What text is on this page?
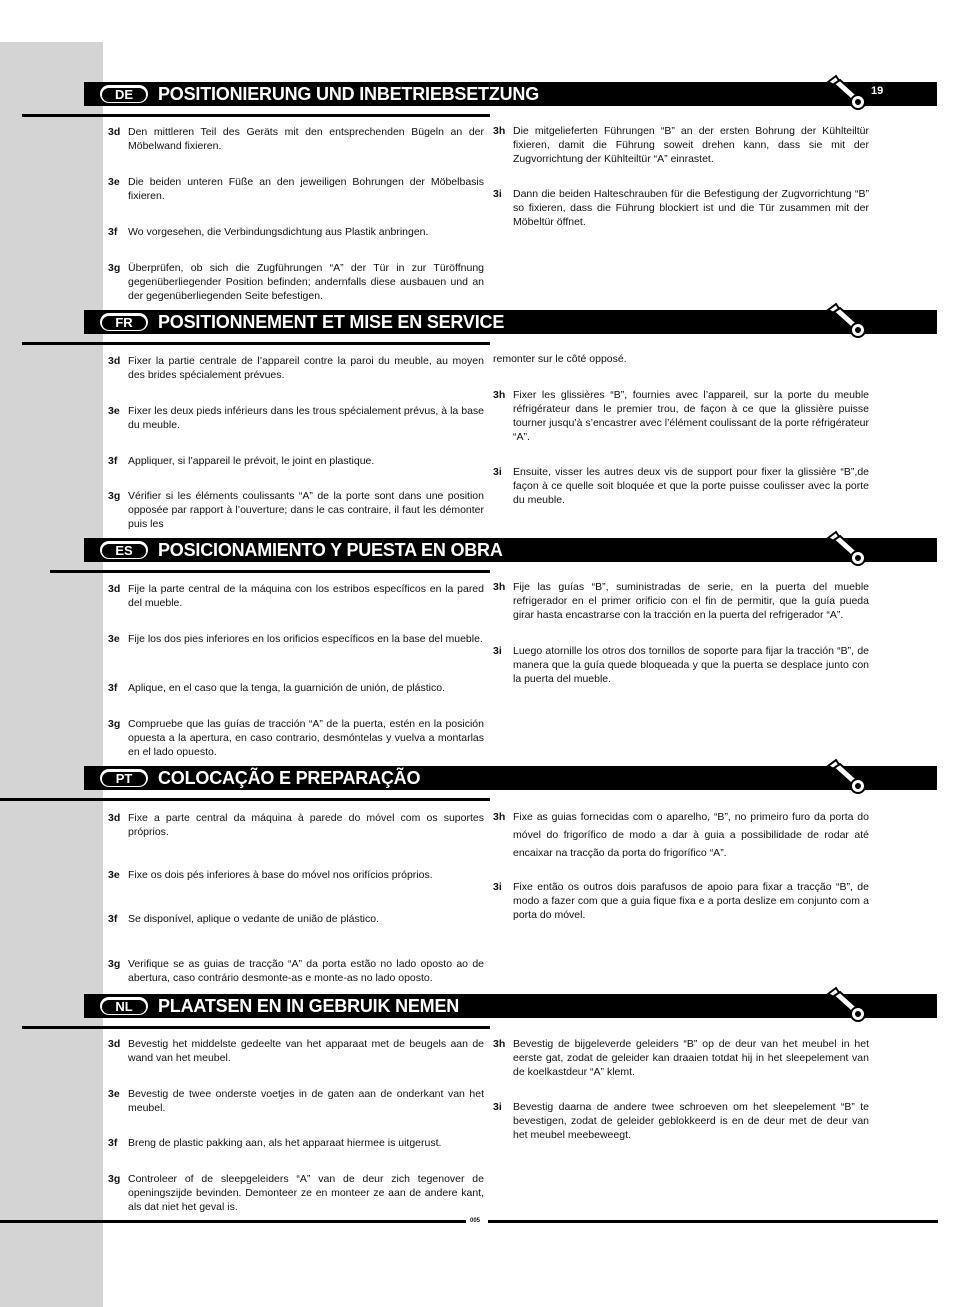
DE	POSITIONIERUNG UND INBETRIEBSETZUNG	19
3d Den mittleren Teil des Geräts mit den entsprechenden Bügeln an der Möbelwand fixieren.
3e Die beiden unteren Füße an den jeweiligen Bohrungen der Möbelbasis fixieren.
3f	Wo vorgesehen, die Verbindungsdichtung aus Plastik anbringen.
3g Überprüfen, ob sich die Zugführungen “A” der Tür in zur Türöffnung gegenüberliegender Position befinden; andernfalls diese ausbauen und an der gegenüberliegenden Seite befestigen.
3h Die mitgelieferten Führungen “B” an der ersten Bohrung der Kühlteiltür fixieren, damit die Führung soweit drehen kann, dass sie mit der Zugvorrichtung der Kühlteiltür “A” einrastet.
3i	Dann die beiden Halteschrauben für die Befestigung der Zugvorrichtung “B” so fixieren, dass die Führung blockiert ist und die Tür zusammen mit der Möbeltür öffnet.
FR	POSITIONNEMENT ET MISE EN SERVICE
3d Fixer la partie centrale de l’appareil contre la paroi du meuble, au moyen des brides spécialement prévues.
3e Fixer les deux pieds inférieurs dans les trous spécialement prévus, à la base du meuble.
3f	Appliquer, si l’appareil le prévoit, le joint en plastique.
3g Vérifier si les éléments coulissants “A” de la porte sont dans une position opposée par rapport à l’ouverture; dans le cas contraire, il faut les démonter puis les
remonter sur le côté opposé.
3h Fixer les glissières “B”, fournies avec l’appareil, sur la porte du meuble réfrigérateur dans le premier trou, de façon à ce que la glissière puisse tourner jusqu’à s’encastrer avec l’élément coulissant de la porte réfrigérateur “A”.
3i	Ensuite, visser les autres deux vis de support pour fixer la glissière “B”,de façon à ce quelle soit bloquée et que la porte puisse coulisser avec la porte du meuble.
ES	POSICIONAMIENTO Y PUESTA EN OBRA
3d Fije la parte central de la máquina con los estribos específicos en la pared del mueble.
3e Fije los dos pies inferiores en los orificios específicos en la base del mueble.
3f	Aplique, en el caso que la tenga, la guarnición de unión, de plástico.
3g Compruebe que las guías de tracción “A” de la puerta, estén en la posición opuesta a la apertura, en caso contrario, desmóntelas y vuelva a montarlas en el lado opuesto.
3h Fije las guías “B”, suministradas de serie, en la puerta del mueble refrigerador en el primer orificio con el fin de permitir, que la guía pueda girar hasta encastrarse con la tracción en la puerta del refrigerador “A”.
3i	Luego atornille los otros dos tornillos de soporte para fijar la tracción “B”, de manera que la guía quede bloqueada y que la puerta se desplace junto con la puerta del mueble.
PT	COLOCAÇÃO E PREPARAÇÃO
3d Fixe a parte central da máquina à parede do móvel com os suportes próprios.
3e Fixe os dois pés inferiores à base do móvel nos orifícios próprios.
3f	Se disponível, aplique o vedante de união de plástico.
3g Verifique se as guias de tracção “A” da porta estão no lado oposto ao de abertura, caso contrário desmonte-as e monte-as no lado oposto.
3h Fixe as guias fornecidas com o aparelho, “B”, no primeiro furo da porta do móvel do frigorífico de modo a dar à guia a possibilidade de rodar até encaixar na tracção da porta do frigorífico “A”.
3i	Fixe então os outros dois parafusos de apoio para fixar a tracção “B”, de modo a fazer com que a guia fique fixa e a porta deslize em conjunto com a porta do móvel.
NL	PLAATSEN EN IN GEBRUIK NEMEN
3d Bevestig het middelste gedeelte van het apparaat met de beugels aan de wand van het meubel.
3e Bevestig de twee onderste voetjes in de gaten aan de onderkant van het meubel.
3f	Breng de plastic pakking aan, als het apparaat hiermee is uitgerust.
3g Controleer of de sleepgeleiders “A” van de deur zich tegenover de openingszijde bevinden. Demonteer ze en monteer ze aan de andere kant, als dat niet het geval is.
3h Bevestig de bijgeleverde geleiders “B” op de deur van het meubel in het eerste gat, zodat de geleider kan draaien totdat hij in het sleepelement van de koelkastdeur “A” klemt.
3i	Bevestig daarna de andere twee schroeven om het sleepelement “B” te bevestigen, zodat de geleider geblokkeerd is en de deur met de deur van het meubel meebeweegt.
005
